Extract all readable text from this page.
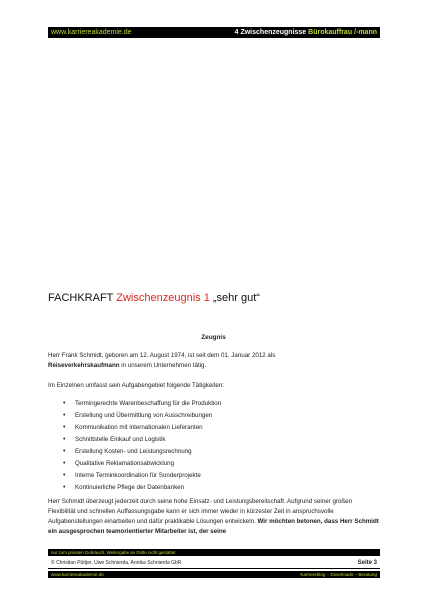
www.karriereakademie.de	4 Zwischenzeugnisse Bürokauffrau /-mann
FACHKRAFT Zwischenzeugnis 1 „sehr gut“
Zeugnis
Herr Frank Schmidt, geboren am 12. August 1974, ist seit dem 01. Januar 2012 als
Reiseverkehrskaufmann in unserem Unternehmen tätig.
Im Einzelnen umfasst sein Aufgabengebiet folgende Tätigkeiten:
• Termingerechte Warenbeschaffung für die Produktion
• Erstellung und Übermittlung von Ausschreibungen
• Kommunikation mit internationalen Lieferanten
• Schnittstelle Einkauf und Logistik
• Erstellung Kosten- und Leistungsrechnung
• Qualitative Reklamationsabwicklung
• Interne Terminkoordination für Sonderprojekte
• Kontinuierliche Pflege der Datenbanken
Herr Schmidt überzeugt jederzeit durch seine hohe Einsatz- und Leistungsbereitschaft. Aufgrund seiner großen Flexibilität und schnellen Auffassungsgabe kann er sich immer wieder in kürzester Zeit in anspruchsvolle Aufgabenstellungen einarbeiten und dafür praktikable Lösungen entwickeln. Wir möchten betonen, dass Herr Schmidt ein ausgesprochen teamorientierter Mitarbeiter ist, der seine
nur zum privaten Gebrauch, Weitergabe an Dritte nicht gestattet
© Christian Püttjer, Uwe Schnierda, Annika Schnierda GbR	Seite 3
www.karriereakademie.de	Karriereblog – Downloads – Beratung
